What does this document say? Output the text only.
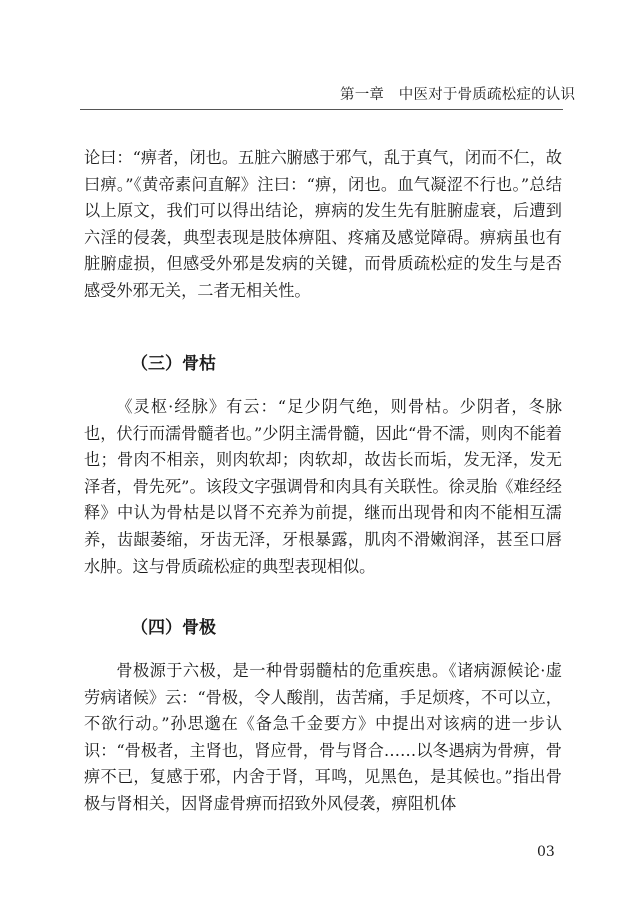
第一章　中医对于骨质疏松症的认识

论曰：“痹者，闭也。五脏六腑感于邪气，乱于真气，闭而不仁，故曰痹。”《黄帝素问直解》注曰：“痹，闭也。血气凝涩不行也。”总结以上原文，我们可以得出结论，痹病的发生先有脏腑虚衰，后遭到六淫的侵袭，典型表现是肢体痹阻、疼痛及感觉障碍。痹病虽也有脏腑虚损，但感受外邪是发病的关键，而骨质疏松症的发生与是否感受外邪无关，二者无相关性。

（三）骨枯

《灵枢·经脉》有云：“足少阴气绝，则骨枯。少阴者，冬脉也，伏行而濡骨髓者也。”少阴主濡骨髓，因此“骨不濡，则肉不能着也；骨肉不相亲，则肉软却；肉软却，故齿长而垢，发无泽，发无泽者，骨先死”。该段文字强调骨和肉具有关联性。徐灵胎《难经经释》中认为骨枯是以肾不充养为前提，继而出现骨和肉不能相互濡养，齿龈萎缩，牙齿无泽，牙根暴露，肌肉不滑嫩润泽，甚至口唇水肿。这与骨质疏松症的典型表现相似。

（四）骨极

骨极源于六极，是一种骨弱髓枯的危重疾患。《诸病源候论·虚劳病诸候》云：“骨极，令人酸削，齿苦痛，手足烦疼，不可以立，不欲行动。”孙思邈在《备急千金要方》中提出对该病的进一步认识：“骨极者，主肾也，肾应骨，骨与肾合……以冬遇病为骨痹，骨痹不已，复感于邪，内舍于肾，耳鸣，见黑色，是其候也。”指出骨极与肾相关，因肾虚骨痹而招致外风侵袭，痹阻机体

03
